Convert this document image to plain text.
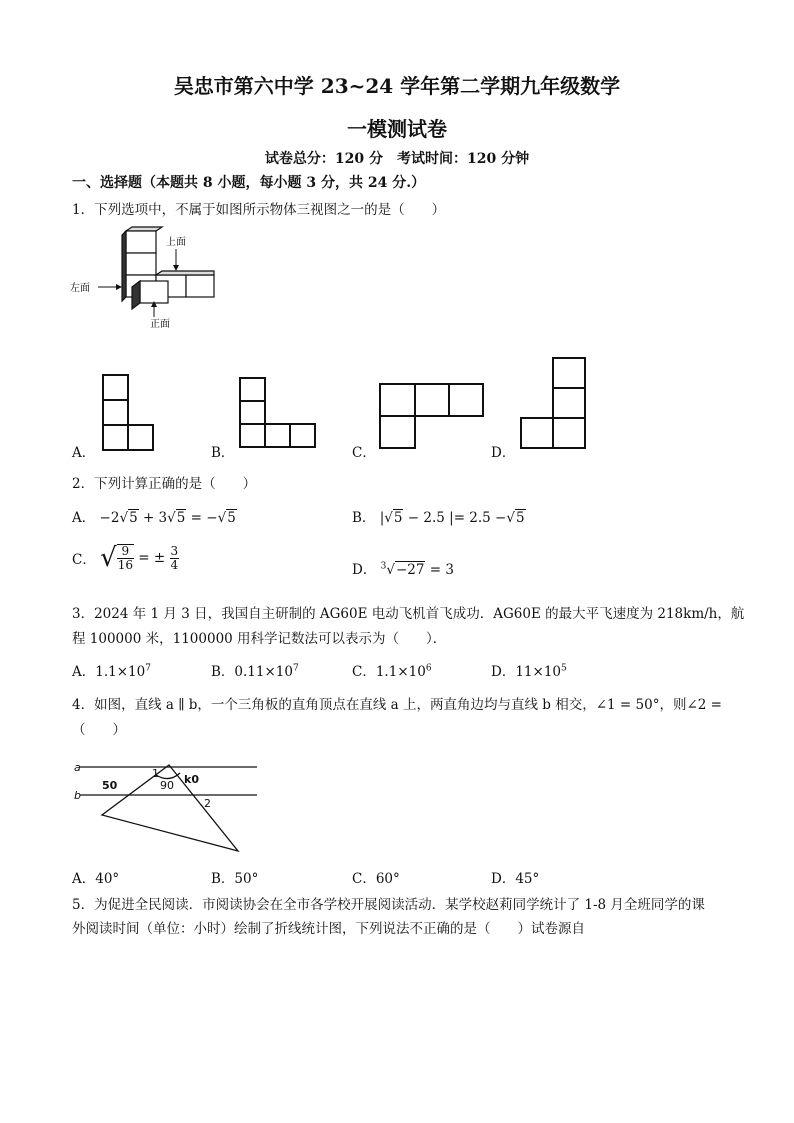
吴忠市第六中学 23~24 学年第二学期九年级数学
一模测试卷
试卷总分：120 分　考试时间：120 分钟
一、选择题（本题共 8 小题，每小题 3 分，共 24 分.）
1．下列选项中，不属于如图所示物体三视图之一的是（　　）
上面
左面
正面
A．	B．	C．	D．
2．下列计算正确的是（　　）
A． −2√5 + 3√5 = −√5	B． |√5 − 2.5 |= 2.5 −√5
C． √ $\frac{9}{16}$ = ± $\frac{3}{4}$	D． $^3$√−27 = 3
3．2024 年 1 月 3 日，我国自主研制的 AG60E 电动飞机首飞成功．AG60E 的最大平飞速度为 218km/h，航
程 100000 米，1100000 用科学记数法可以表示为（　　）．
A．$1.1\times 10^7$	B．$0.11\times 10^7$	C．$1.1\times 10^6$	D．$11\times 10^5$
4．如图，直线 a ∥ b，一个三角板的直角顶点在直线 a 上，两直角边均与直线 b 相交，∠1 = 50°，则∠2 =
（　　）
a
b
50
1
90 k0
2
A．40°	B．50°	C．60°	D．45°
5．为促进全民阅读．市阅读协会在全市各学校开展阅读活动．某学校赵莉同学统计了 1-8 月全班同学的课
外阅读时间（单位：小时）绘制了折线统计图，下列说法不正确的是（　　）试卷源自
